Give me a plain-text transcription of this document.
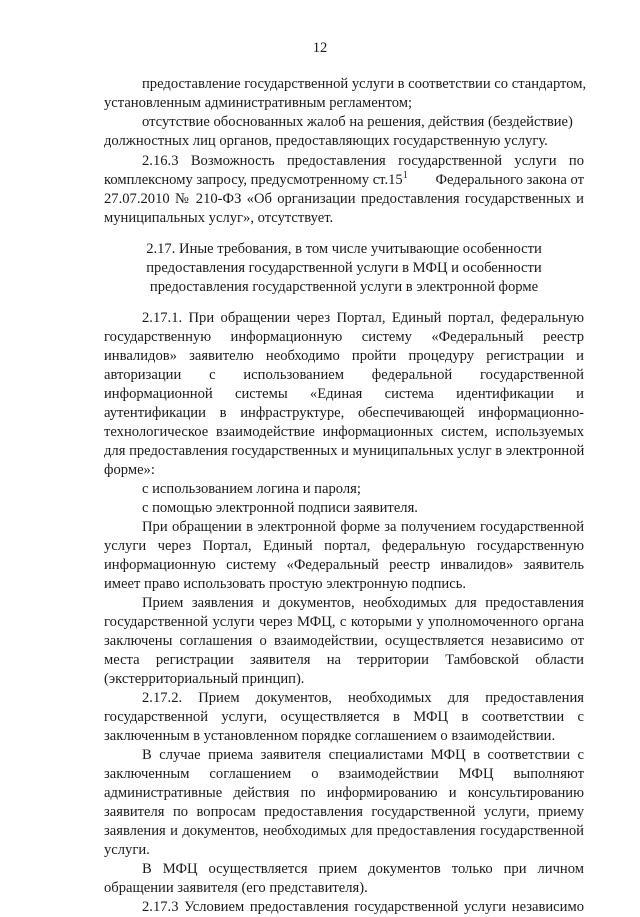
12
предоставление государственной услуги в соответствии со стандартом,
установленным административным регламентом;
отсутствие обоснованных жалоб на решения, действия (бездействие)
должностных лиц органов, предоставляющих государственную услугу.
2.16.3 Возможность предоставления государственной услуги по
комплексному запросу, предусмотренному $ст.15^1$ Федерального закона от
27.07.2010 № 210-ФЗ «Об организации предоставления государственных и
муниципальных услуг», отсутствует.
2.17. Иные требования, в том числе учитывающие особенности
предоставления государственной услуги в МФЦ и особенности
предоставления государственной услуги в электронной форме
2.17.1. При обращении через Портал, Единый портал, федеральную
государственную информационную систему «Федеральный реестр
инвалидов» заявителю необходимо пройти процедуру регистрации и
авторизации с использованием федеральной государственной
информационной системы «Единая система идентификации и
аутентификации в инфраструктуре, обеспечивающей информационно-
технологическое взаимодействие информационных систем, используемых
для предоставления государственных и муниципальных услуг в электронной
форме»:
с использованием логина и пароля;
с помощью электронной подписи заявителя.
При обращении в электронной форме за получением государственной
услуги через Портал, Единый портал, федеральную государственную
информационную систему «Федеральный реестр инвалидов» заявитель
имеет право использовать простую электронную подпись.
Прием заявления и документов, необходимых для предоставления
государственной услуги через МФЦ, с которыми у уполномоченного органа
заключены соглашения о взаимодействии, осуществляется независимо от
места регистрации заявителя на территории Тамбовской области
(экстерриториальный принцип).
2.17.2. Прием документов, необходимых для предоставления
государственной услуги, осуществляется в МФЦ в соответствии с
заключенным в установленном порядке соглашением о взаимодействии.
В случае приема заявителя специалистами МФЦ в соответствии с
заключенным соглашением о взаимодействии МФЦ выполняют
административные действия по информированию и консультированию
заявителя по вопросам предоставления государственной услуги, приему
заявления и документов, необходимых для предоставления государственной
услуги.
В МФЦ осуществляется прием документов только при личном
обращении заявителя (его представителя).
2.17.3 Условием предоставления государственной услуги независимо
